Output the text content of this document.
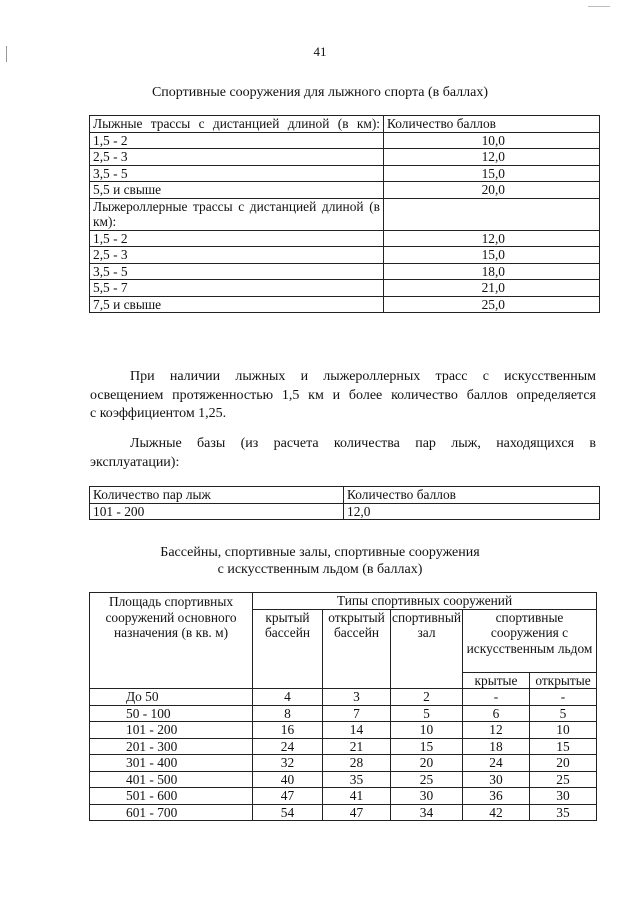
41
Спортивные сооружения для лыжного спорта (в баллах)
Лыжные трассы с дистанцией длиной (в км):	Количество баллов
1,5 - 2	10,0
2,5 - 3	12,0
3,5 - 5	15,0
5,5 и свыше	20,0
Лыжероллерные трассы с дистанцией длиной (в км):	
1,5 - 2	12,0
2,5 - 3	15,0
3,5 - 5	18,0
5,5 - 7	21,0
7,5 и свыше	25,0
При наличии лыжных и лыжероллерных трасс с искусственным
освещением протяженностью 1,5 км и более количество баллов определяется
с коэффициентом 1,25.
Лыжные базы (из расчета количества пар лыж, находящихся в
эксплуатации):
Количество пар лыж	Количество баллов
101 - 200	12,0
Бассейны, спортивные залы, спортивные сооружения
с искусственным льдом (в баллах)
Площадь спортивных сооружений основного назначения (в кв. м)	Типы спортивных сооружений				
	крытый бассейн	открытый бассейн	спортивный зал	спортивные сооружения с искусственным льдом	
				крытые	открытые
До 50	4	3	2	-	-
50 - 100	8	7	5	6	5
101 - 200	16	14	10	12	10
201 - 300	24	21	15	18	15
301 - 400	32	28	20	24	20
401 - 500	40	35	25	30	25
501 - 600	47	41	30	36	30
601 - 700	54	47	34	42	35
